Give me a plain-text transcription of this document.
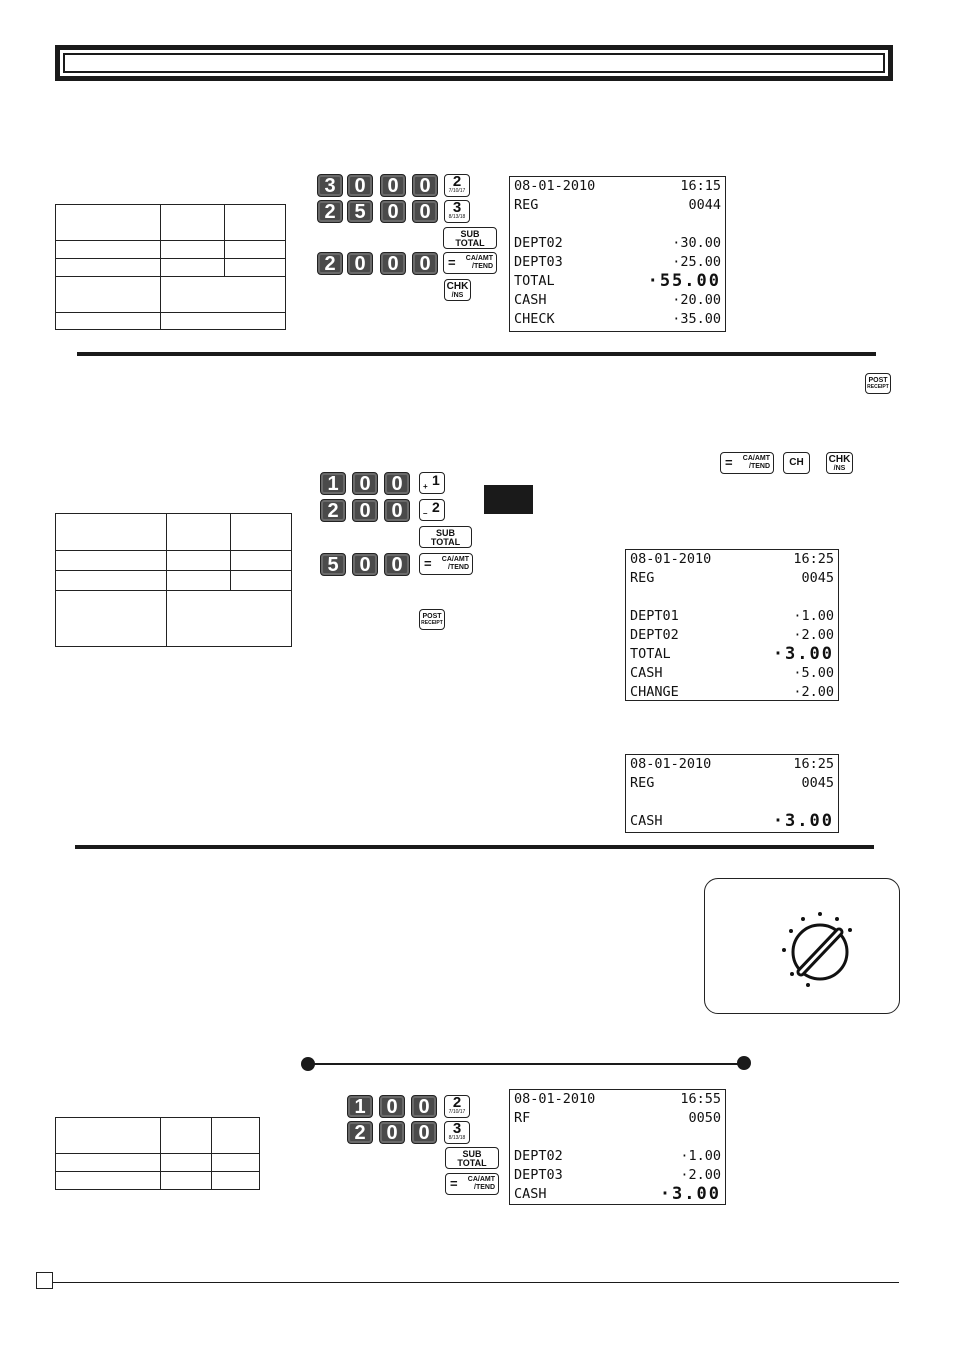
3 0	0	0	2
7/10/17
2 5	0	0	3
8/13/18
SUB
TOTAL
2 0	0	0	=	CA/AMT
/TEND
CHK
/NS
08-01-2010	16:15
REG	0044
DEPT02	·30.00
DEPT03	·25.00
TOTAL	·55.00
CASH	·20.00
CHECK	·35.00
POST
RECEIPT
=	CA/AMT
/TEND	CH	CHK
/NS

1	0	0	+ 1
2	0	0	– 2
SUB
TOTAL
5	0	0	=	CA/AMT
/TEND
POST
RECEIPT
08-01-2010	16:25
REG	0045
DEPT01	·1.00
DEPT02	·2.00
TOTAL	·3.00
CASH	·5.00
CHANGE	·2.00
08-01-2010	16:25
REG	0045
CASH	·3.00

1	0	0	2
7/10/17
2	0	0	3
8/13/18
SUB
TOTAL
=	CA/AMT
/TEND
08-01-2010	16:55
RF	0050
DEPT02	·1.00
DEPT03	·2.00
CASH	·3.00
